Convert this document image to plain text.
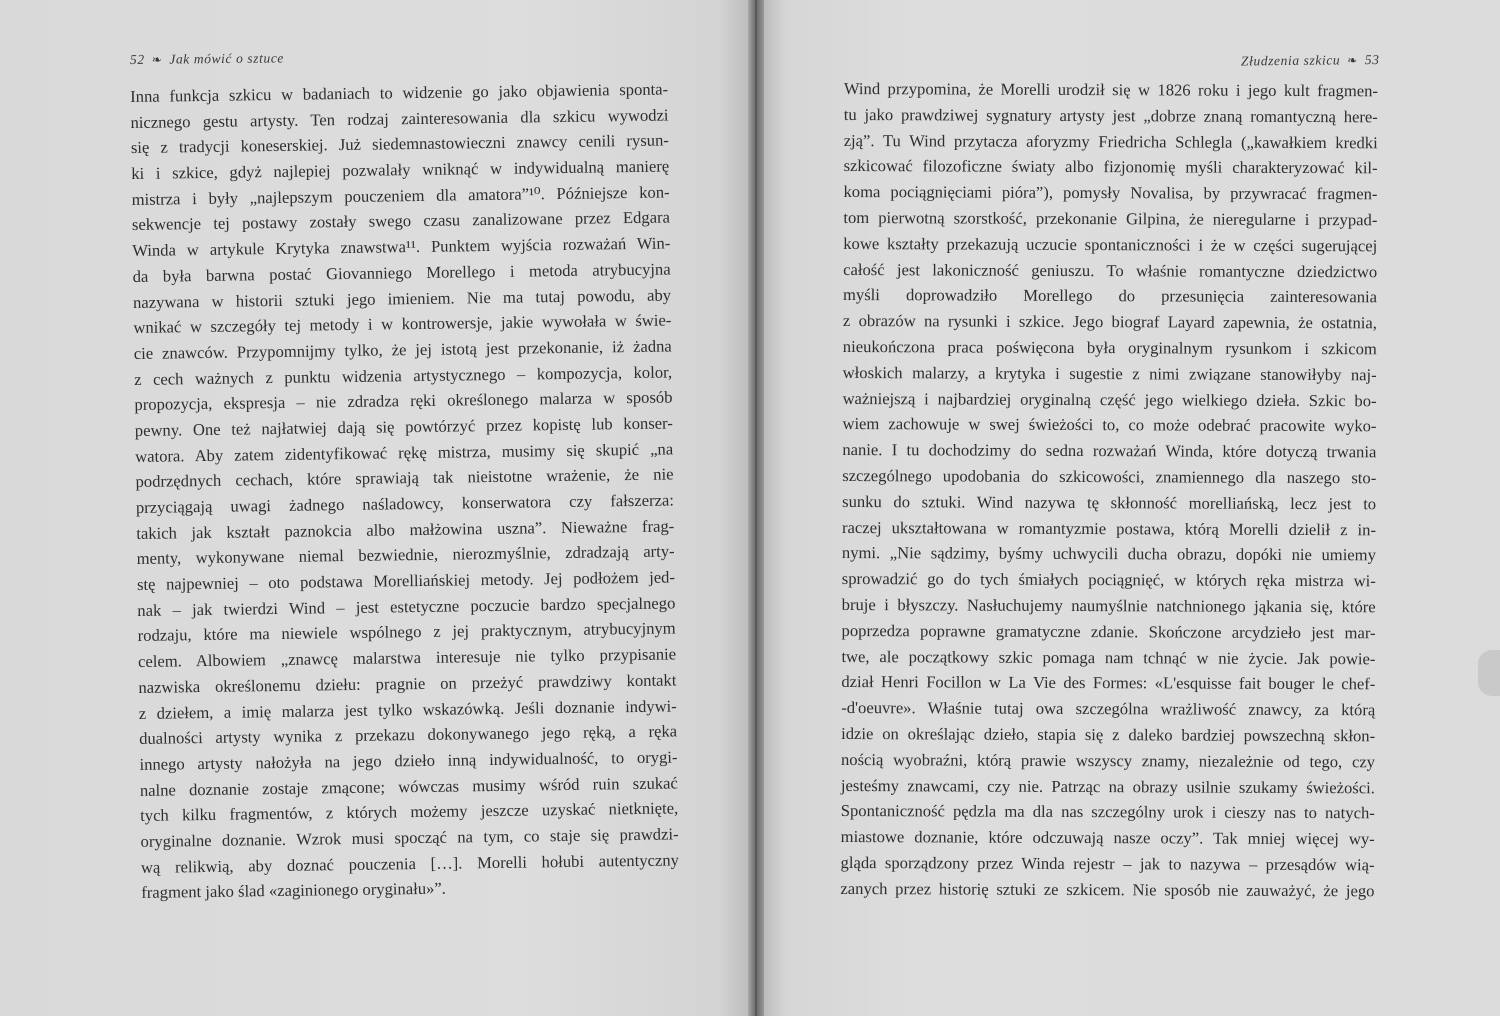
52 ❧ Jak mówić o sztuce
Inna funkcja szkicu w badaniach to widzenie go jako objawienia sponta-
nicznego gestu artysty. Ten rodzaj zainteresowania dla szkicu wywodzi
się z tradycji koneserskiej. Już siedemnastowieczni znawcy cenili rysun-
ki i szkice, gdyż najlepiej pozwalały wniknąć w indywidualną manierę
mistrza i były „najlepszym pouczeniem dla amatora”¹⁰. Późniejsze kon-
sekwencje tej postawy zostały swego czasu zanalizowane przez Edgara
Winda w artykule Krytyka znawstwa¹¹. Punktem wyjścia rozważań Win-
da była barwna postać Giovanniego Morellego i metoda atrybucyjna
nazywana w historii sztuki jego imieniem. Nie ma tutaj powodu, aby
wnikać w szczegóły tej metody i w kontrowersje, jakie wywołała w świe-
cie znawców. Przypomnijmy tylko, że jej istotą jest przekonanie, iż żadna
z cech ważnych z punktu widzenia artystycznego – kompozycja, kolor,
propozycja, ekspresja – nie zdradza ręki określonego malarza w sposób
pewny. One też najłatwiej dają się powtórzyć przez kopistę lub konser-
watora. Aby zatem zidentyfikować rękę mistrza, musimy się skupić „na
podrzędnych cechach, które sprawiają tak nieistotne wrażenie, że nie
przyciągają uwagi żadnego naśladowcy, konserwatora czy fałszerza:
takich jak kształt paznokcia albo małżowina uszna”. Nieważne frag-
menty, wykonywane niemal bezwiednie, nierozmyślnie, zdradzają arty-
stę najpewniej – oto podstawa Morelliańskiej metody. Jej podłożem jed-
nak – jak twierdzi Wind – jest estetyczne poczucie bardzo specjalnego
rodzaju, które ma niewiele wspólnego z jej praktycznym, atrybucyjnym
celem. Albowiem „znawcę malarstwa interesuje nie tylko przypisanie
nazwiska określonemu dziełu: pragnie on przeżyć prawdziwy kontakt
z dziełem, a imię malarza jest tylko wskazówką. Jeśli doznanie indywi-
dualności artysty wynika z przekazu dokonywanego jego ręką, a ręka
innego artysty nałożyła na jego dzieło inną indywidualność, to orygi-
nalne doznanie zostaje zmącone; wówczas musimy wśród ruin szukać
tych kilku fragmentów, z których możemy jeszcze uzyskać nietknięte,
oryginalne doznanie. Wzrok musi spocząć na tym, co staje się prawdzi-
wą relikwią, aby doznać pouczenia […]. Morelli hołubi autentyczny
fragment jako ślad «zaginionego oryginału»”.
Złudzenia szkicu ❧ 53
Wind przypomina, że Morelli urodził się w 1826 roku i jego kult fragmen-
tu jako prawdziwej sygnatury artysty jest „dobrze znaną romantyczną here-
zją”. Tu Wind przytacza aforyzmy Friedricha Schlegla („kawałkiem kredki
szkicować filozoficzne światy albo fizjonomię myśli charakteryzować kil-
koma pociągnięciami pióra”), pomysły Novalisa, by przywracać fragmen-
tom pierwotną szorstkość, przekonanie Gilpina, że nieregularne i przypad-
kowe kształty przekazują uczucie spontaniczności i że w części sugerującej
całość jest lakoniczność geniuszu. To właśnie romantyczne dziedzictwo
myśli doprowadziło Morellego do przesunięcia zainteresowania
z obrazów na rysunki i szkice. Jego biograf Layard zapewnia, że ostatnia,
nieukończona praca poświęcona była oryginalnym rysunkom i szkicom
włoskich malarzy, a krytyka i sugestie z nimi związane stanowiłyby naj-
ważniejszą i najbardziej oryginalną część jego wielkiego dzieła. Szkic bo-
wiem zachowuje w swej świeżości to, co może odebrać pracowite wyko-
nanie. I tu dochodzimy do sedna rozważań Winda, które dotyczą trwania
szczególnego upodobania do szkicowości, znamiennego dla naszego sto-
sunku do sztuki. Wind nazywa tę skłonność morelliańską, lecz jest to
raczej ukształtowana w romantyzmie postawa, którą Morelli dzielił z in-
nymi. „Nie sądzimy, byśmy uchwycili ducha obrazu, dopóki nie umiemy
sprowadzić go do tych śmiałych pociągnięć, w których ręka mistrza wi-
bruje i błyszczy. Nasłuchujemy naumyślnie natchnionego jąkania się, które
poprzedza poprawne gramatyczne zdanie. Skończone arcydzieło jest mar-
twe, ale początkowy szkic pomaga nam tchnąć w nie życie. Jak powie-
dział Henri Focillon w La Vie des Formes: «L'esquisse fait bouger le chef-
-d'oeuvre». Właśnie tutaj owa szczególna wrażliwość znawcy, za którą
idzie on określając dzieło, stapia się z daleko bardziej powszechną skłon-
nością wyobraźni, którą prawie wszyscy znamy, niezależnie od tego, czy
jesteśmy znawcami, czy nie. Patrząc na obrazy usilnie szukamy świeżości.
Spontaniczność pędzla ma dla nas szczególny urok i cieszy nas to natych-
miastowe doznanie, które odczuwają nasze oczy”. Tak mniej więcej wy-
gląda sporządzony przez Winda rejestr – jak to nazywa – przesądów wią-
zanych przez historię sztuki ze szkicem. Nie sposób nie zauważyć, że jego
